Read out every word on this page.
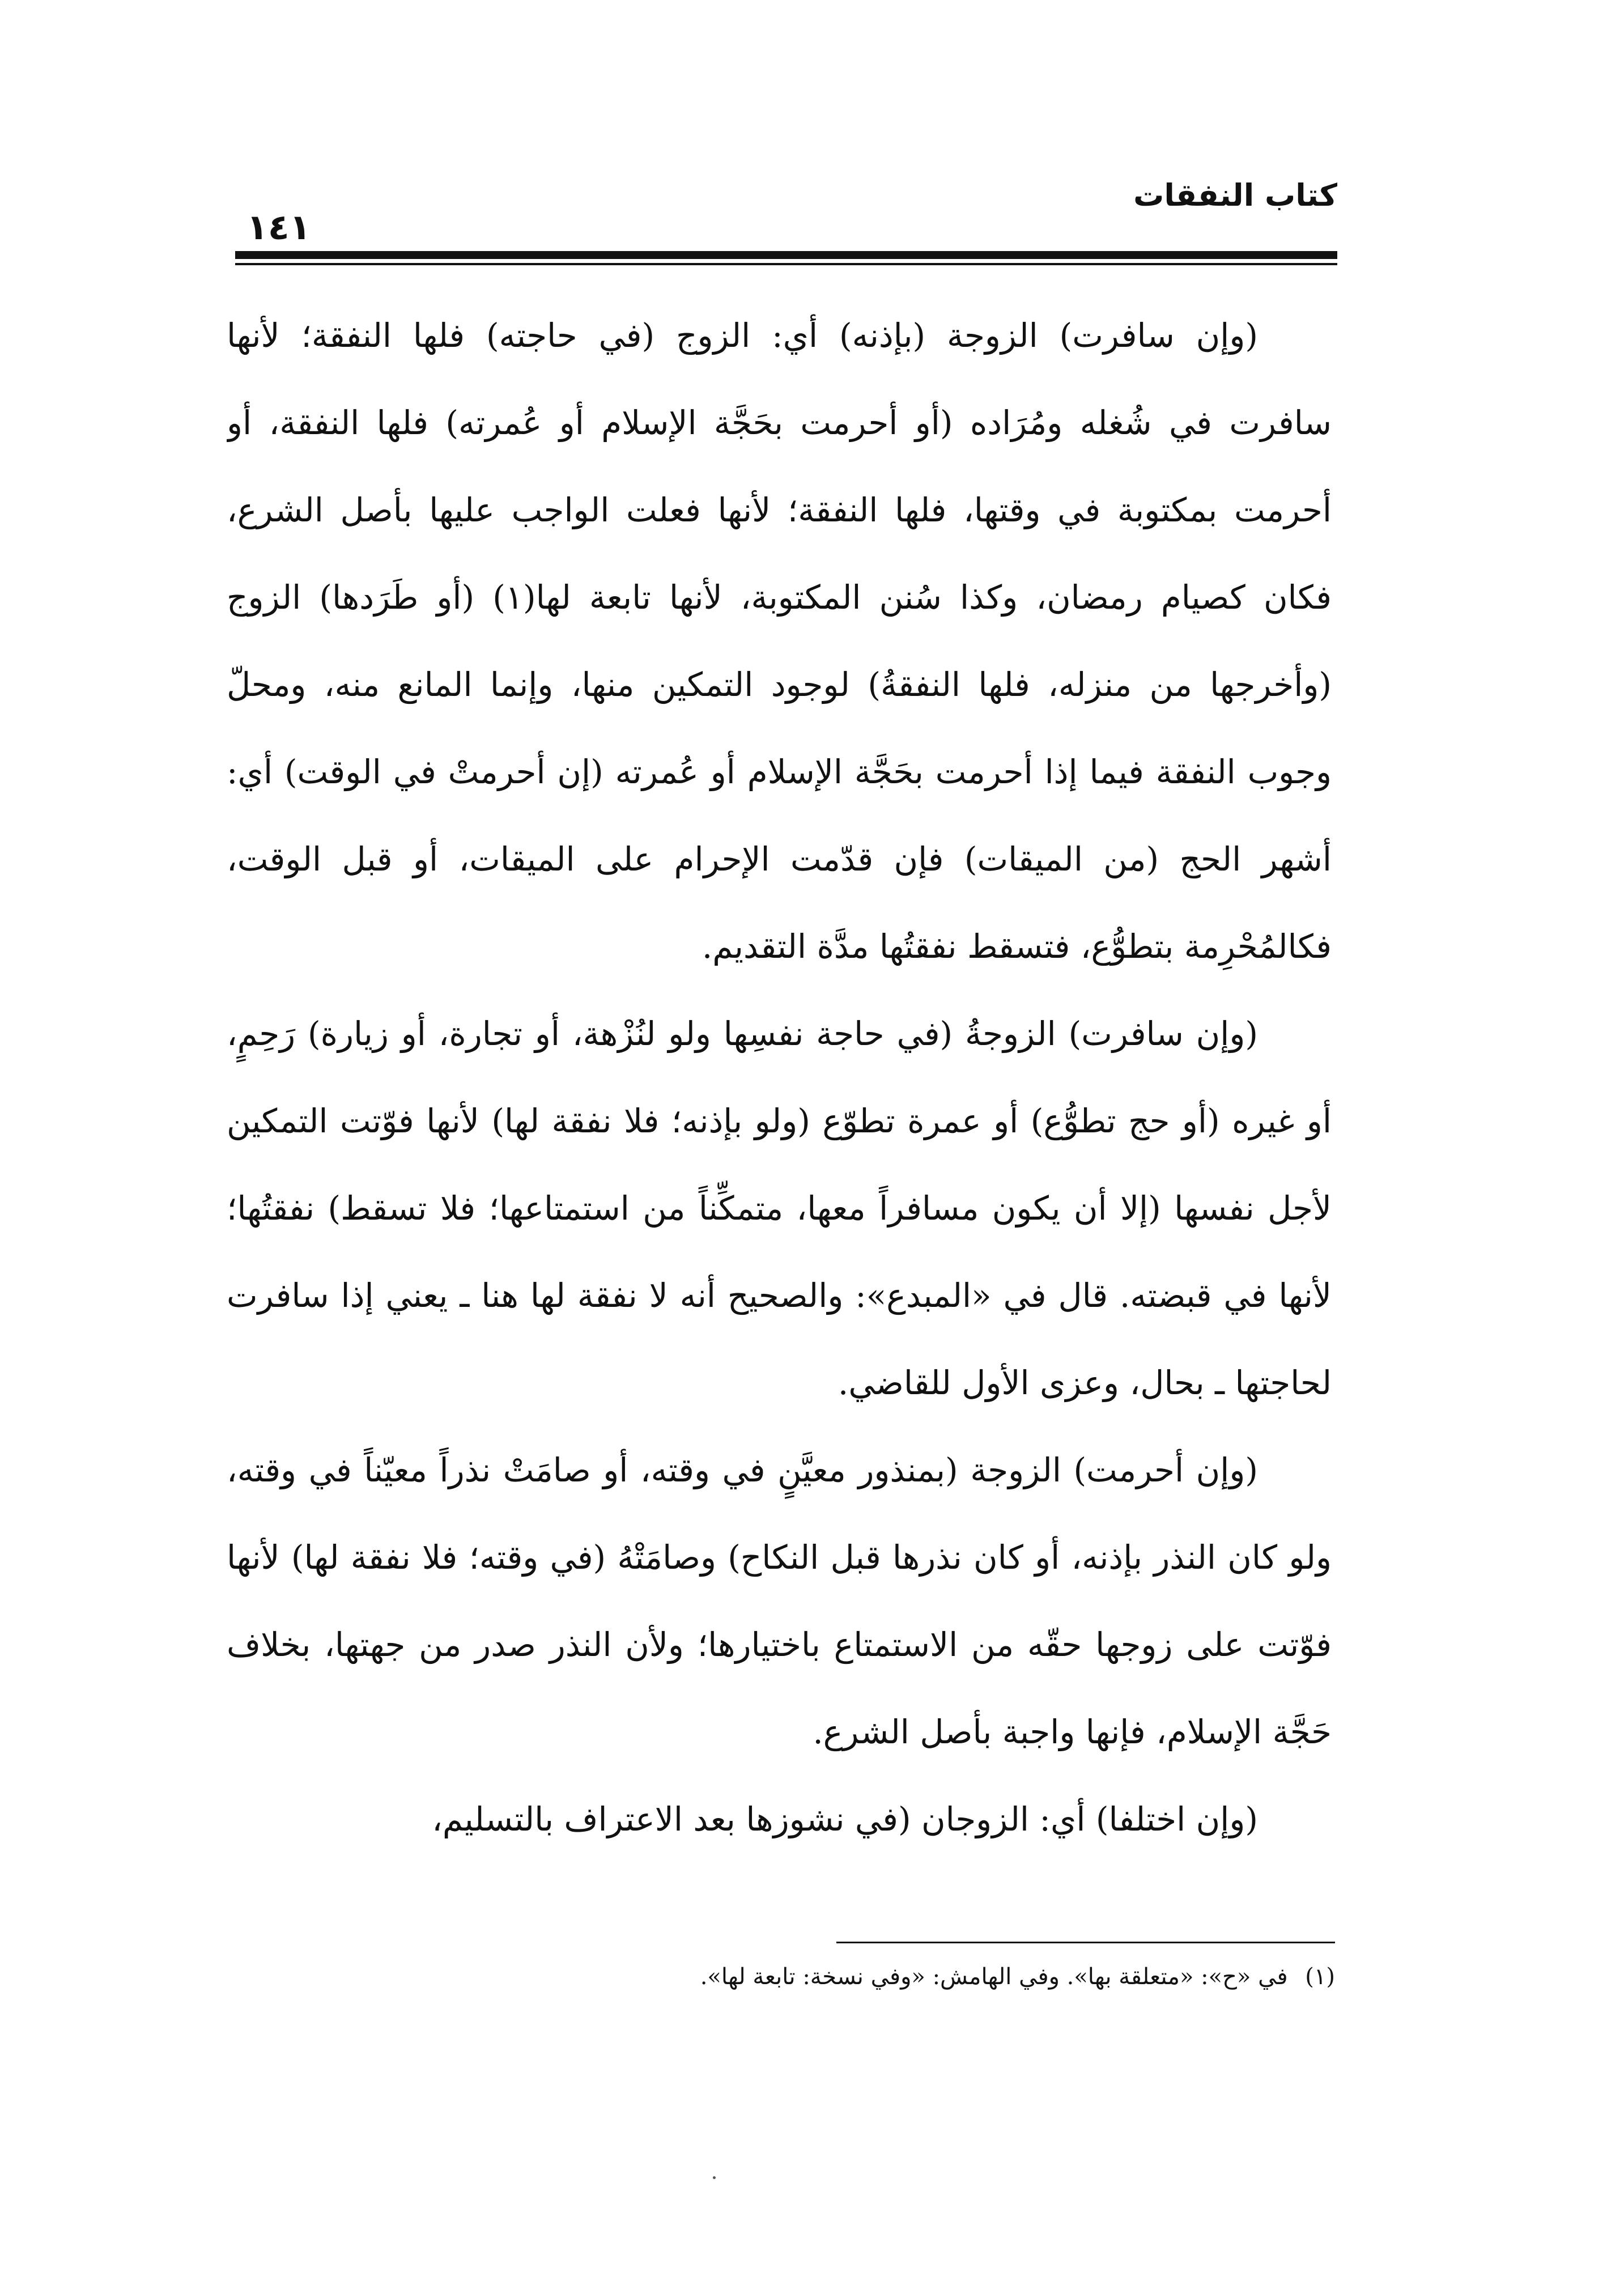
كتاب النفقات
١٤١

(وإن سافرت) الزوجة (بإذنه) أي: الزوج (في حاجته) فلها النفقة؛ لأنها سافرت في شُغله ومُرَاده (أو أحرمت بحَجَّة الإسلام أو عُمرته) فلها النفقة، أو أحرمت بمكتوبة في وقتها، فلها النفقة؛ لأنها فعلت الواجب عليها بأصل الشرع، فكان كصيام رمضان، وكذا سُنن المكتوبة، لأنها تابعة لها(١) (أو طَرَدها) الزوج (وأخرجها من منزله، فلها النفقةُ) لوجود التمكين منها، وإنما المانع منه، ومحلّ وجوب النفقة فيما إذا أحرمت بحَجَّة الإسلام أو عُمرته (إن أحرمتْ في الوقت) أي: أشهر الحج (من الميقات) فإن قدّمت الإحرام على الميقات، أو قبل الوقت، فكالمُحْرِمة بتطوُّع، فتسقط نفقتُها مدَّة التقديم.

(وإن سافرت) الزوجةُ (في حاجة نفسِها ولو لنُزْهة، أو تجارة، أو زيارة) رَحِمٍ، أو غيره (أو حج تطوُّع) أو عمرة تطوّع (ولو بإذنه؛ فلا نفقة لها) لأنها فوّتت التمكين لأجل نفسها (إلا أن يكون مسافراً معها، متمكِّناً من استمتاعها؛ فلا تسقط) نفقتُها؛ لأنها في قبضته. قال في «المبدع»: والصحيح أنه لا نفقة لها هنا ـ يعني إذا سافرت لحاجتها ـ بحال، وعزى الأول للقاضي.

(وإن أحرمت) الزوجة (بمنذور معيَّنٍ في وقته، أو صامَتْ نذراً معيّناً في وقته، ولو كان النذر بإذنه، أو كان نذرها قبل النكاح) وصامَتْهُ (في وقته؛ فلا نفقة لها) لأنها فوّتت على زوجها حقّه من الاستمتاع باختيارها؛ ولأن النذر صدر من جهتها، بخلاف حَجَّة الإسلام، فإنها واجبة بأصل الشرع.

(وإن اختلفا) أي: الزوجان (في نشوزها بعد الاعتراف بالتسليم،

(١) في «ح»: «متعلقة بها». وفي الهامش: «وفي نسخة: تابعة لها».
